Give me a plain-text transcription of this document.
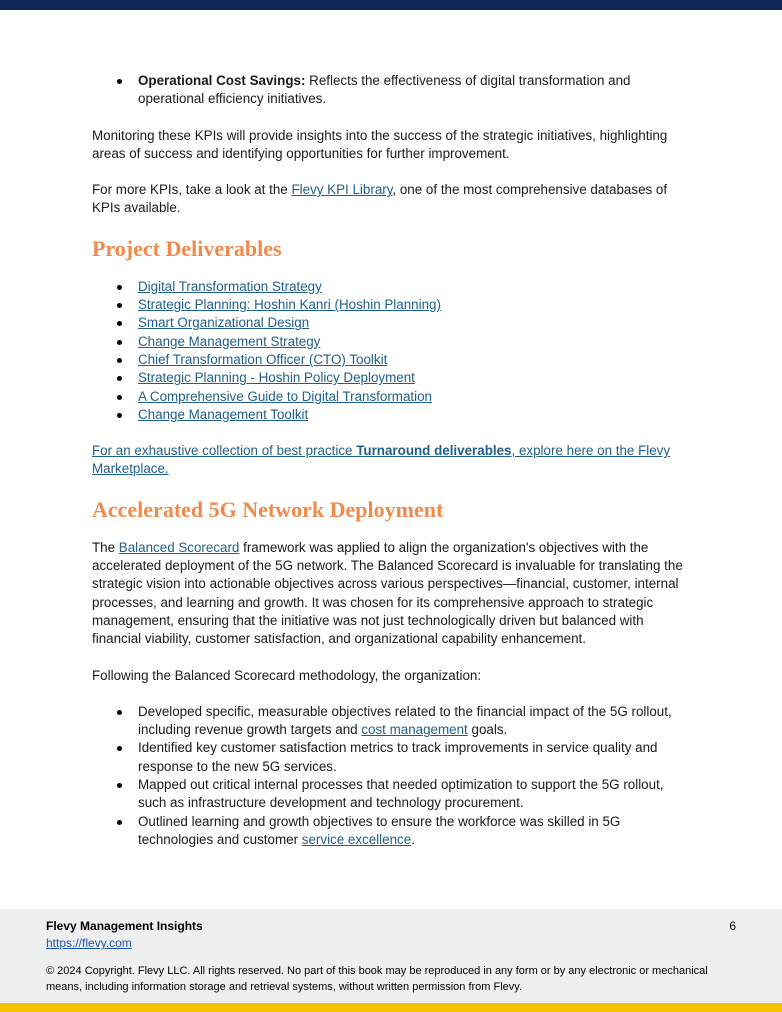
Operational Cost Savings: Reflects the effectiveness of digital transformation and operational efficiency initiatives.

Monitoring these KPIs will provide insights into the success of the strategic initiatives, highlighting areas of success and identifying opportunities for further improvement.

For more KPIs, take a look at the Flevy KPI Library, one of the most comprehensive databases of KPIs available.

Project Deliverables
Digital Transformation Strategy
Strategic Planning: Hoshin Kanri (Hoshin Planning)
Smart Organizational Design
Change Management Strategy
Chief Transformation Officer (CTO) Toolkit
Strategic Planning - Hoshin Policy Deployment
A Comprehensive Guide to Digital Transformation
Change Management Toolkit

For an exhaustive collection of best practice Turnaround deliverables, explore here on the Flevy Marketplace.

Accelerated 5G Network Deployment

The Balanced Scorecard framework was applied to align the organization's objectives with the accelerated deployment of the 5G network. The Balanced Scorecard is invaluable for translating the strategic vision into actionable objectives across various perspectives—financial, customer, internal processes, and learning and growth. It was chosen for its comprehensive approach to strategic management, ensuring that the initiative was not just technologically driven but balanced with financial viability, customer satisfaction, and organizational capability enhancement.

Following the Balanced Scorecard methodology, the organization:

Developed specific, measurable objectives related to the financial impact of the 5G rollout, including revenue growth targets and cost management goals.
Identified key customer satisfaction metrics to track improvements in service quality and response to the new 5G services.
Mapped out critical internal processes that needed optimization to support the 5G rollout, such as infrastructure development and technology procurement.
Outlined learning and growth objectives to ensure the workforce was skilled in 5G technologies and customer service excellence.
Flevy Management Insights
https://flevy.com
6
© 2024 Copyright. Flevy LLC. All rights reserved. No part of this book may be reproduced in any form or by any electronic or mechanical means, including information storage and retrieval systems, without written permission from Flevy.
